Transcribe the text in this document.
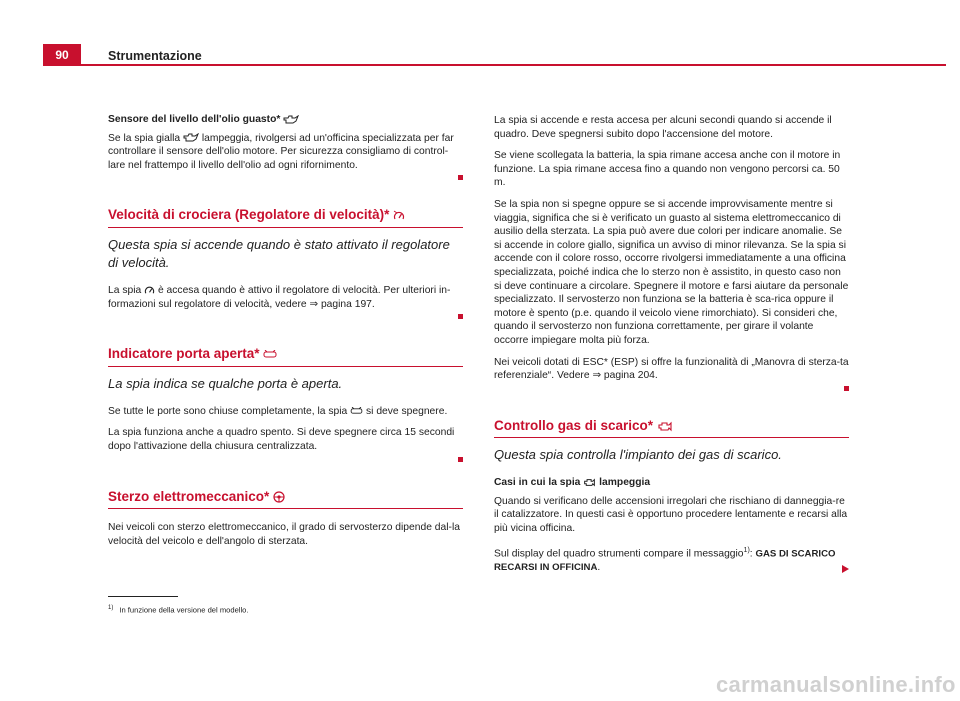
90	Strumentazione
Sensore del livello dell'olio guasto*

Se la spia gialla lampeggia, rivolgersi ad un'officina specializzata per far controllare il sensore dell'olio motore. Per sicurezza consigliamo di control-lare nel frattempo il livello dell'olio ad ogni rifornimento.

Velocità di crociera (Regolatore di velocità)*
Questa spia si accende quando è stato attivato il regolatore di velocità.

La spia è accesa quando è attivo il regolatore di velocità. Per ulteriori in-formazioni sul regolatore di velocità, vedere ⇒ pagina 197.

Indicatore porta aperta*
La spia indica se qualche porta è aperta.

Se tutte le porte sono chiuse completamente, la spia si deve spegnere.

La spia funziona anche a quadro spento. Si deve spegnere circa 15 secondi dopo l'attivazione della chiusura centralizzata.

Sterzo elettromeccanico*

Nei veicoli con sterzo elettromeccanico, il grado di servosterzo dipende dal-la velocità del veicolo e dell'angolo di sterzata.

La spia si accende e resta accesa per alcuni secondi quando si accende il quadro. Deve spegnersi subito dopo l'accensione del motore.

Se viene scollegata la batteria, la spia rimane accesa anche con il motore in funzione. La spia rimane accesa fino a quando non vengono percorsi ca. 50 m.

Se la spia non si spegne oppure se si accende improvvisamente mentre si viaggia, significa che si è verificato un guasto al sistema elettromeccanico di ausilio della sterzata. La spia può avere due colori per indicare anomalie. Se si accende in colore giallo, significa un avviso di minor rilevanza. Se la spia si accende con il colore rosso, occorre rivolgersi immediatamente a una officina specializzata, poiché indica che lo sterzo non è assistito, in questo caso non si deve continuare a circolare. Spegnere il motore e farsi aiutare da personale specializzato. Il servosterzo non funziona se la batteria è sca-rica oppure il motore è spento (p.e. quando il veicolo viene rimorchiato). Si consideri che, quando il servosterzo non funziona correttamente, per girare il volante occorre impiegare molta più forza.

Nei veicoli dotati di ESC* (ESP) si offre la funzionalità di „Manovra di sterza-ta referenziale“. Vedere ⇒ pagina 204.

Controllo gas di scarico*
Questa spia controlla l'impianto dei gas di scarico.
Casi in cui la spia lampeggia

Quando si verificano delle accensioni irregolari che rischiano di danneggia-re il catalizzatore. In questi casi è opportuno procedere lentamente e recarsi alla più vicina officina.

Sul display del quadro strumenti compare il messaggio$^{1)}$: GAS DI SCARICO RECARSI IN OFFICINA.

$^{1)}$ In funzione della versione del modello.
carmanualsonline.info
